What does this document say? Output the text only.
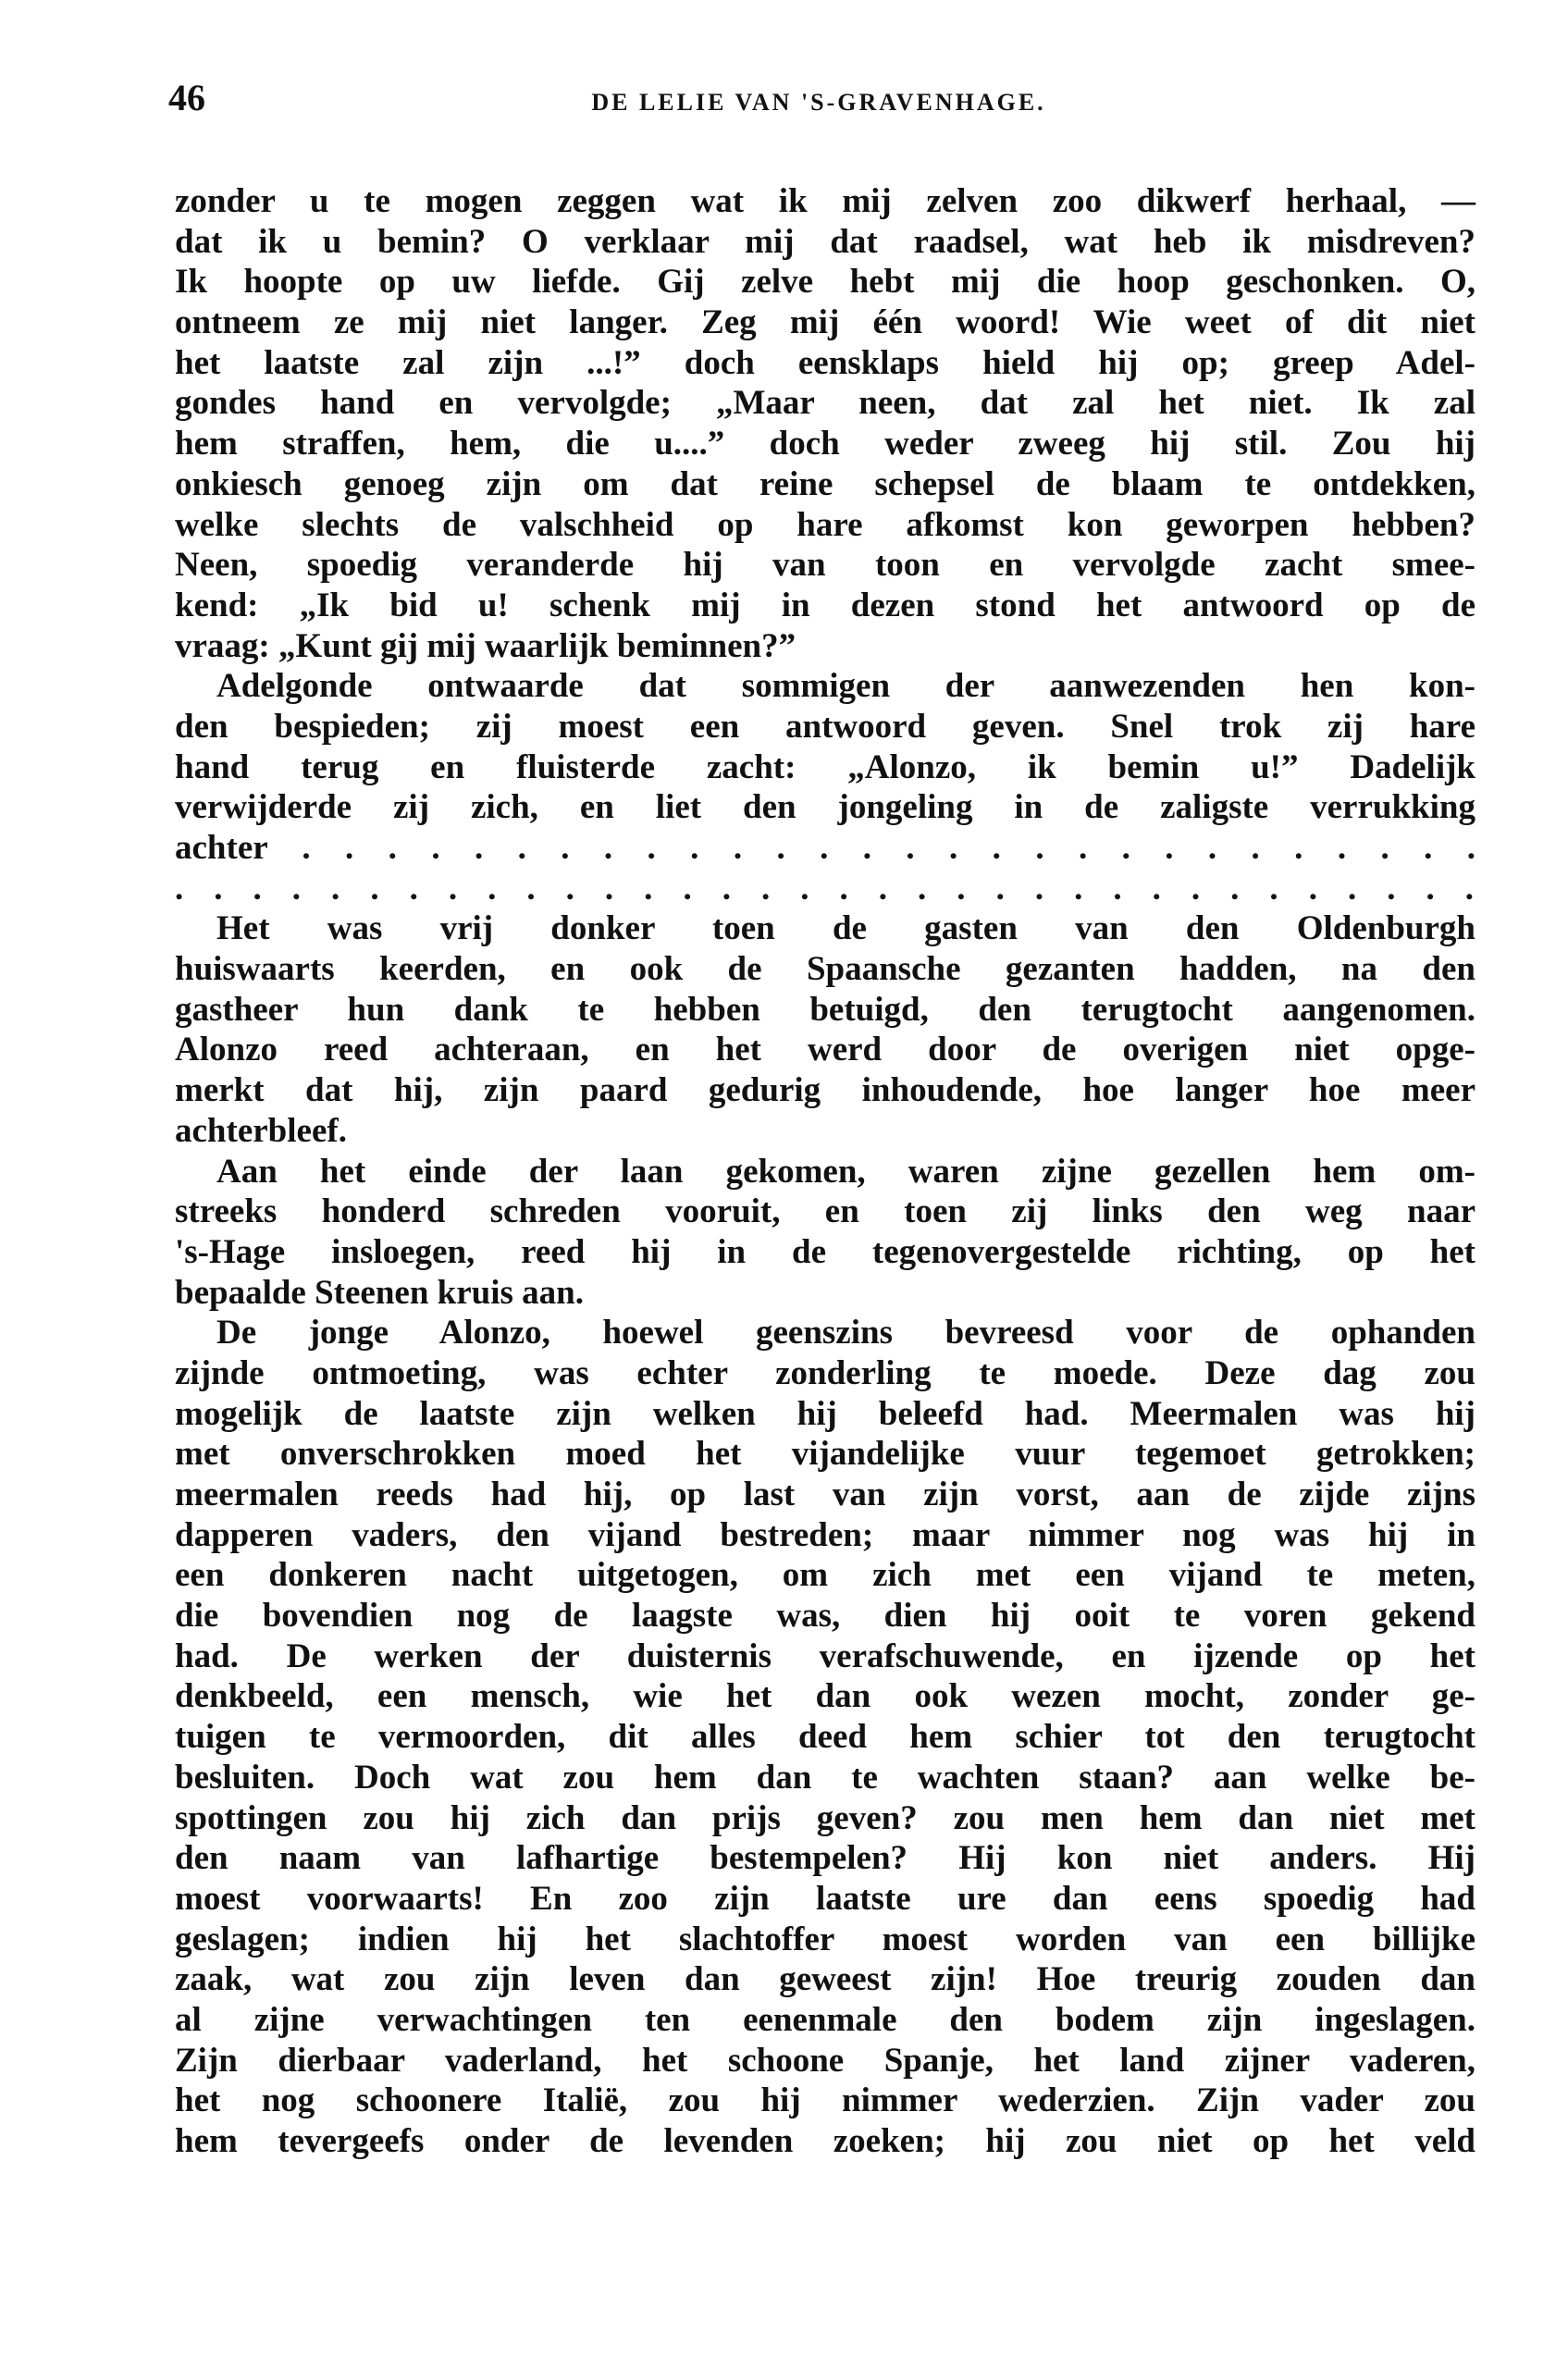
46	DE LELIE VAN 'S-GRAVENHAGE.
zonder u te mogen zeggen wat ik mij zelven zoo dikwerf herhaal, —
dat ik u bemin? O verklaar mij dat raadsel, wat heb ik misdreven?
Ik hoopte op uw liefde. Gij zelve hebt mij die hoop geschonken. O,
ontneem ze mij niet langer. Zeg mij één woord! Wie weet of dit niet
het laatste zal zijn ...!” doch eensklaps hield hij op; greep Adel-
gondes hand en vervolgde; „Maar neen, dat zal het niet. Ik zal
hem straffen, hem, die u....” doch weder zweeg hij stil. Zou hij
onkiesch genoeg zijn om dat reine schepsel de blaam te ontdekken,
welke slechts de valschheid op hare afkomst kon geworpen hebben?
Neen, spoedig veranderde hij van toon en vervolgde zacht smee-
kend: „Ik bid u! schenk mij in dezen stond het antwoord op de
vraag: „Kunt gij mij waarlijk beminnen?”
Adelgonde ontwaarde dat sommigen der aanwezenden hen kon-
den bespieden; zij moest een antwoord geven. Snel trok zij hare
hand terug en fluisterde zacht: „Alonzo, ik bemin u!” Dadelijk
verwijderde zij zich, en liet den jongeling in de zaligste verrukking
achter . . . . . . . . . . . . . . . . . . . . . . . . . . . .
. . . . . . . . . . . . . . . . . . . . . . . . . . . . . . . . . .
Het was vrij donker toen de gasten van den Oldenburgh
huiswaarts keerden, en ook de Spaansche gezanten hadden, na den
gastheer hun dank te hebben betuigd, den terugtocht aangenomen.
Alonzo reed achteraan, en het werd door de overigen niet opge-
merkt dat hij, zijn paard gedurig inhoudende, hoe langer hoe meer
achterbleef.
Aan het einde der laan gekomen, waren zijne gezellen hem om-
streeks honderd schreden vooruit, en toen zij links den weg naar
's-Hage insloegen, reed hij in de tegenovergestelde richting, op het
bepaalde Steenen kruis aan.
De jonge Alonzo, hoewel geenszins bevreesd voor de ophanden
zijnde ontmoeting, was echter zonderling te moede. Deze dag zou
mogelijk de laatste zijn welken hij beleefd had. Meermalen was hij
met onverschrokken moed het vijandelijke vuur tegemoet getrokken;
meermalen reeds had hij, op last van zijn vorst, aan de zijde zijns
dapperen vaders, den vijand bestreden; maar nimmer nog was hij in
een donkeren nacht uitgetogen, om zich met een vijand te meten,
die bovendien nog de laagste was, dien hij ooit te voren gekend
had. De werken der duisternis verafschuwende, en ijzende op het
denkbeeld, een mensch, wie het dan ook wezen mocht, zonder ge-
tuigen te vermoorden, dit alles deed hem schier tot den terugtocht
besluiten. Doch wat zou hem dan te wachten staan? aan welke be-
spottingen zou hij zich dan prijs geven? zou men hem dan niet met
den naam van lafhartige bestempelen? Hij kon niet anders. Hij
moest voorwaarts! En zoo zijn laatste ure dan eens spoedig had
geslagen; indien hij het slachtoffer moest worden van een billijke
zaak, wat zou zijn leven dan geweest zijn! Hoe treurig zouden dan
al zijne verwachtingen ten eenenmale den bodem zijn ingeslagen.
Zijn dierbaar vaderland, het schoone Spanje, het land zijner vaderen,
het nog schoonere Italië, zou hij nimmer wederzien. Zijn vader zou
hem tevergeefs onder de levenden zoeken; hij zou niet op het veld
